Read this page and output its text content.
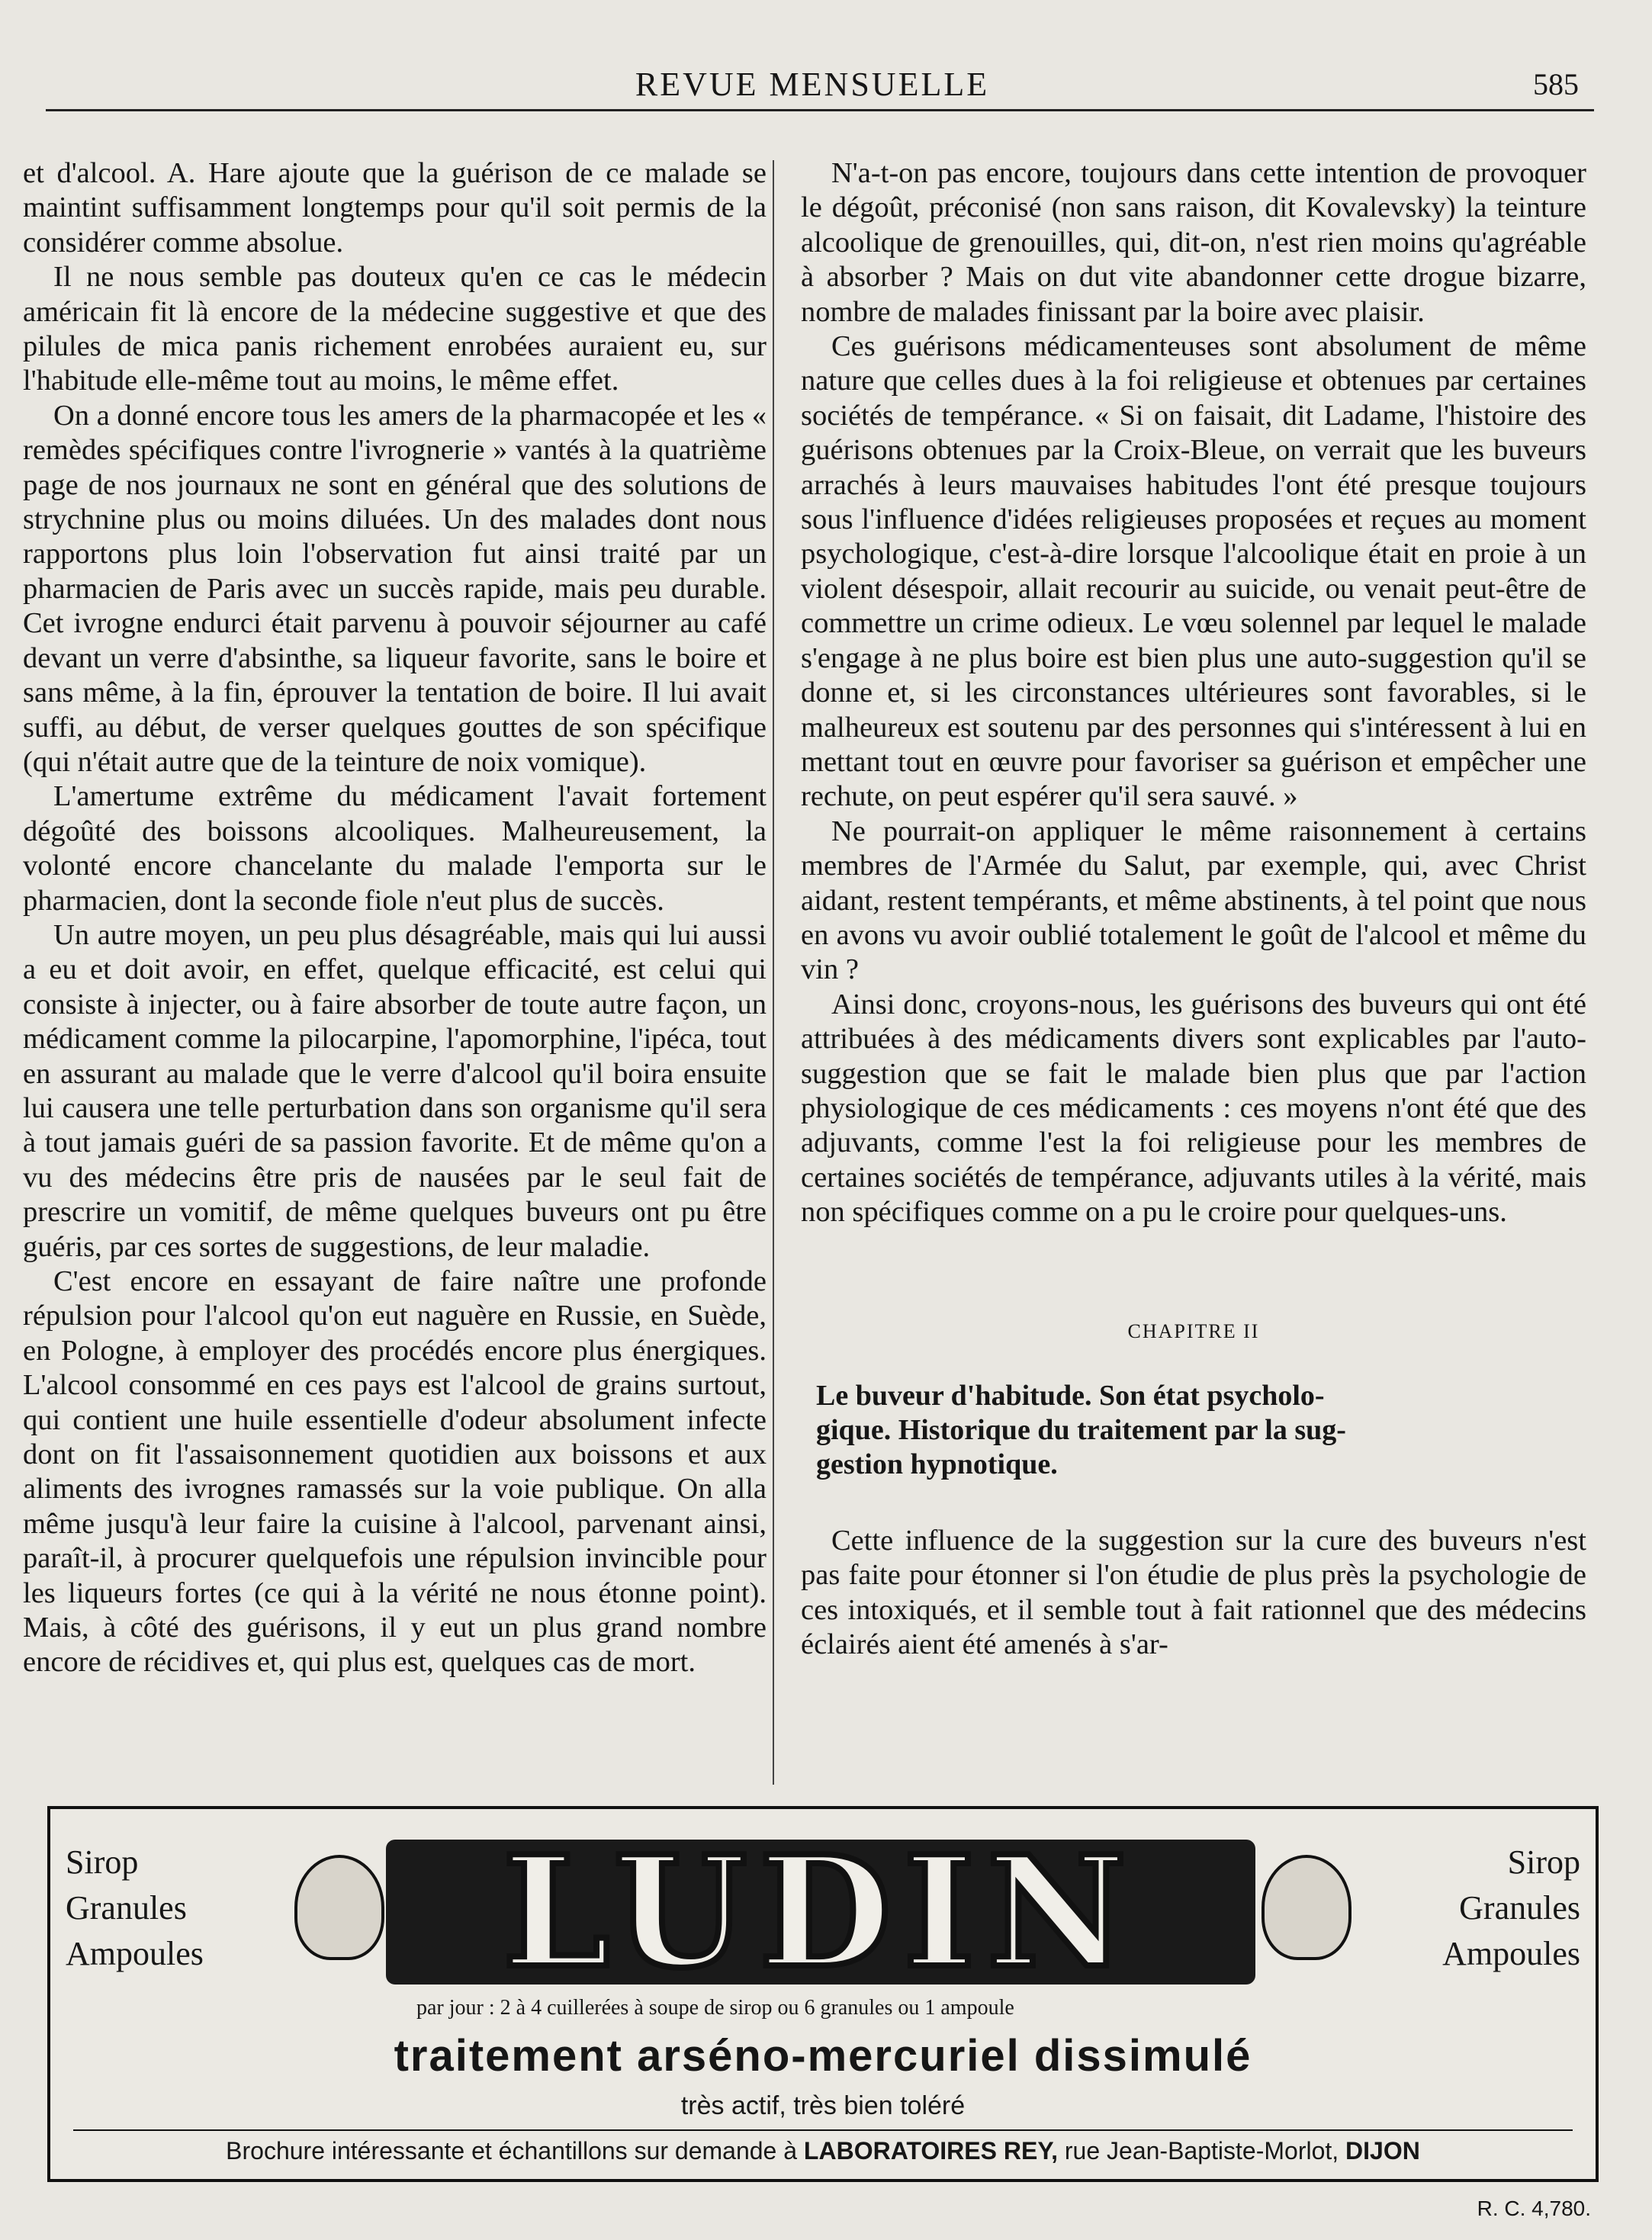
REVUE MENSUELLE	585

et d'alcool. A. Hare ajoute que la guérison de ce malade se maintint suffisamment longtemps pour qu'il soit permis de la considérer comme absolue.

Il ne nous semble pas douteux qu'en ce cas le médecin américain fit là encore de la médecine suggestive et que des pilules de mica panis richement enrobées auraient eu, sur l'habitude elle-même tout au moins, le même effet.

On a donné encore tous les amers de la pharmacopée et les « remèdes spécifiques contre l'ivrognerie » vantés à la quatrième page de nos journaux ne sont en général que des solutions de strychnine plus ou moins diluées. Un des malades dont nous rapportons plus loin l'observation fut ainsi traité par un pharmacien de Paris avec un succès rapide, mais peu durable. Cet ivrogne endurci était parvenu à pouvoir séjourner au café devant un verre d'absinthe, sa liqueur favorite, sans le boire et sans même, à la fin, éprouver la tentation de boire. Il lui avait suffi, au début, de verser quelques gouttes de son spécifique (qui n'était autre que de la teinture de noix vomique).

L'amertume extrême du médicament l'avait fortement dégoûté des boissons alcooliques. Malheureusement, la volonté encore chancelante du malade l'emporta sur le pharmacien, dont la seconde fiole n'eut plus de succès.

Un autre moyen, un peu plus désagréable, mais qui lui aussi a eu et doit avoir, en effet, quelque efficacité, est celui qui consiste à injecter, ou à faire absorber de toute autre façon, un médicament comme la pilocarpine, l'apomorphine, l'ipéca, tout en assurant au malade que le verre d'alcool qu'il boira ensuite lui causera une telle perturbation dans son organisme qu'il sera à tout jamais guéri de sa passion favorite. Et de même qu'on a vu des médecins être pris de nausées par le seul fait de prescrire un vomitif, de même quelques buveurs ont pu être guéris, par ces sortes de suggestions, de leur maladie.

C'est encore en essayant de faire naître une profonde répulsion pour l'alcool qu'on eut naguère en Russie, en Suède, en Pologne, à employer des procédés encore plus énergiques. L'alcool consommé en ces pays est l'alcool de grains surtout, qui contient une huile essentielle d'odeur absolument infecte dont on fit l'assaisonnement quotidien aux boissons et aux aliments des ivrognes ramassés sur la voie publique. On alla même jusqu'à leur faire la cuisine à l'alcool, parvenant ainsi, paraît-il, à procurer quelquefois une répulsion invincible pour les liqueurs fortes (ce qui à la vérité ne nous étonne point). Mais, à côté des guérisons, il y eut un plus grand nombre encore de récidives et, qui plus est, quelques cas de mort.

N'a-t-on pas encore, toujours dans cette intention de provoquer le dégoût, préconisé (non sans raison, dit Kovalevsky) la teinture alcoolique de grenouilles, qui, dit-on, n'est rien moins qu'agréable à absorber ? Mais on dut vite abandonner cette drogue bizarre, nombre de malades finissant par la boire avec plaisir.

Ces guérisons médicamenteuses sont absolument de même nature que celles dues à la foi religieuse et obtenues par certaines sociétés de tempérance. « Si on faisait, dit Ladame, l'histoire des guérisons obtenues par la Croix-Bleue, on verrait que les buveurs arrachés à leurs mauvaises habitudes l'ont été presque toujours sous l'influence d'idées religieuses proposées et reçues au moment psychologique, c'est-à-dire lorsque l'alcoolique était en proie à un violent désespoir, allait recourir au suicide, ou venait peut-être de commettre un crime odieux. Le vœu solennel par lequel le malade s'engage à ne plus boire est bien plus une auto-suggestion qu'il se donne et, si les circonstances ultérieures sont favorables, si le malheureux est soutenu par des personnes qui s'intéressent à lui en mettant tout en œuvre pour favoriser sa guérison et empêcher une rechute, on peut espérer qu'il sera sauvé. »

Ne pourrait-on appliquer le même raisonnement à certains membres de l'Armée du Salut, par exemple, qui, avec Christ aidant, restent tempérants, et même abstinents, à tel point que nous en avons vu avoir oublié totalement le goût de l'alcool et même du vin ?

Ainsi donc, croyons-nous, les guérisons des buveurs qui ont été attribuées à des médicaments divers sont explicables par l'auto-suggestion que se fait le malade bien plus que par l'action physiologique de ces médicaments : ces moyens n'ont été que des adjuvants, comme l'est la foi religieuse pour les membres de certaines sociétés de tempérance, adjuvants utiles à la vérité, mais non spécifiques comme on a pu le croire pour quelques-uns.

CHAPITRE II
Le buveur d'habitude. Son état psycholo-
gique. Historique du traitement par la sug-
gestion hypnotique.

Cette influence de la suggestion sur la cure des buveurs n'est pas faite pour étonner si l'on étudie de plus près la psychologie de ces intoxiqués, et il semble tout à fait rationnel que des médecins éclairés aient été amenés à s'ar-

Sirop
Granules
Ampoules	LUDIN	Sirop
Granules
Ampoules
par jour : 2 à 4 cuillerées à soupe de sirop ou 6 granules ou 1 ampoule
traitement arséno-mercuriel dissimulé
très actif, très bien toléré
Brochure intéressante et échantillons sur demande à LABORATOIRES REY, rue Jean-Baptiste-Morlot, DIJON
R. C. 4,780.
